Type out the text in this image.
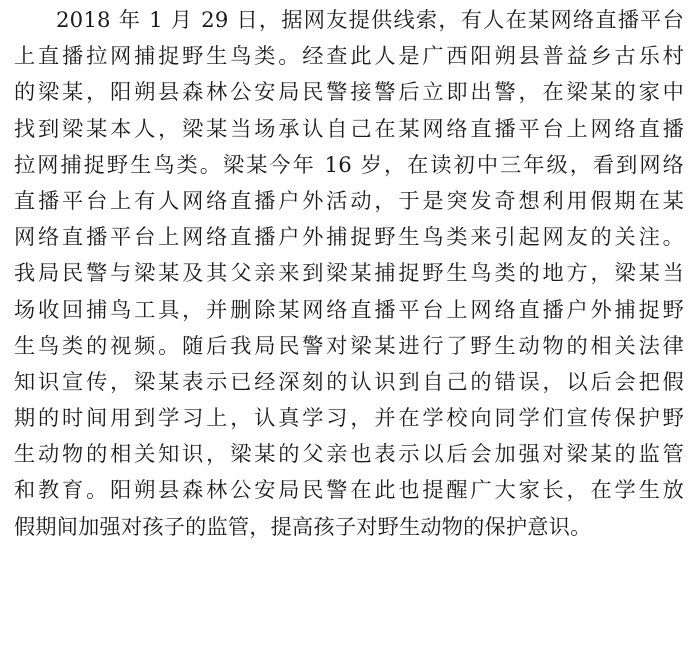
2018 年 1 月 29 日，据网友提供线索，有人在某网络直播平台
上直播拉网捕捉野生鸟类。经查此人是广西阳朔县普益乡古乐村
的梁某，阳朔县森林公安局民警接警后立即出警，在梁某的家中
找到梁某本人，梁某当场承认自己在某网络直播平台上网络直播
拉网捕捉野生鸟类。梁某今年 16 岁，在读初中三年级，看到网络
直播平台上有人网络直播户外活动，于是突发奇想利用假期在某
网络直播平台上网络直播户外捕捉野生鸟类来引起网友的关注。
我局民警与梁某及其父亲来到梁某捕捉野生鸟类的地方，梁某当
场收回捕鸟工具，并删除某网络直播平台上网络直播户外捕捉野
生鸟类的视频。随后我局民警对梁某进行了野生动物的相关法律
知识宣传，梁某表示已经深刻的认识到自己的错误，以后会把假
期的时间用到学习上，认真学习，并在学校向同学们宣传保护野
生动物的相关知识，梁某的父亲也表示以后会加强对梁某的监管
和教育。阳朔县森林公安局民警在此也提醒广大家长，在学生放
假期间加强对孩子的监管，提高孩子对野生动物的保护意识。
